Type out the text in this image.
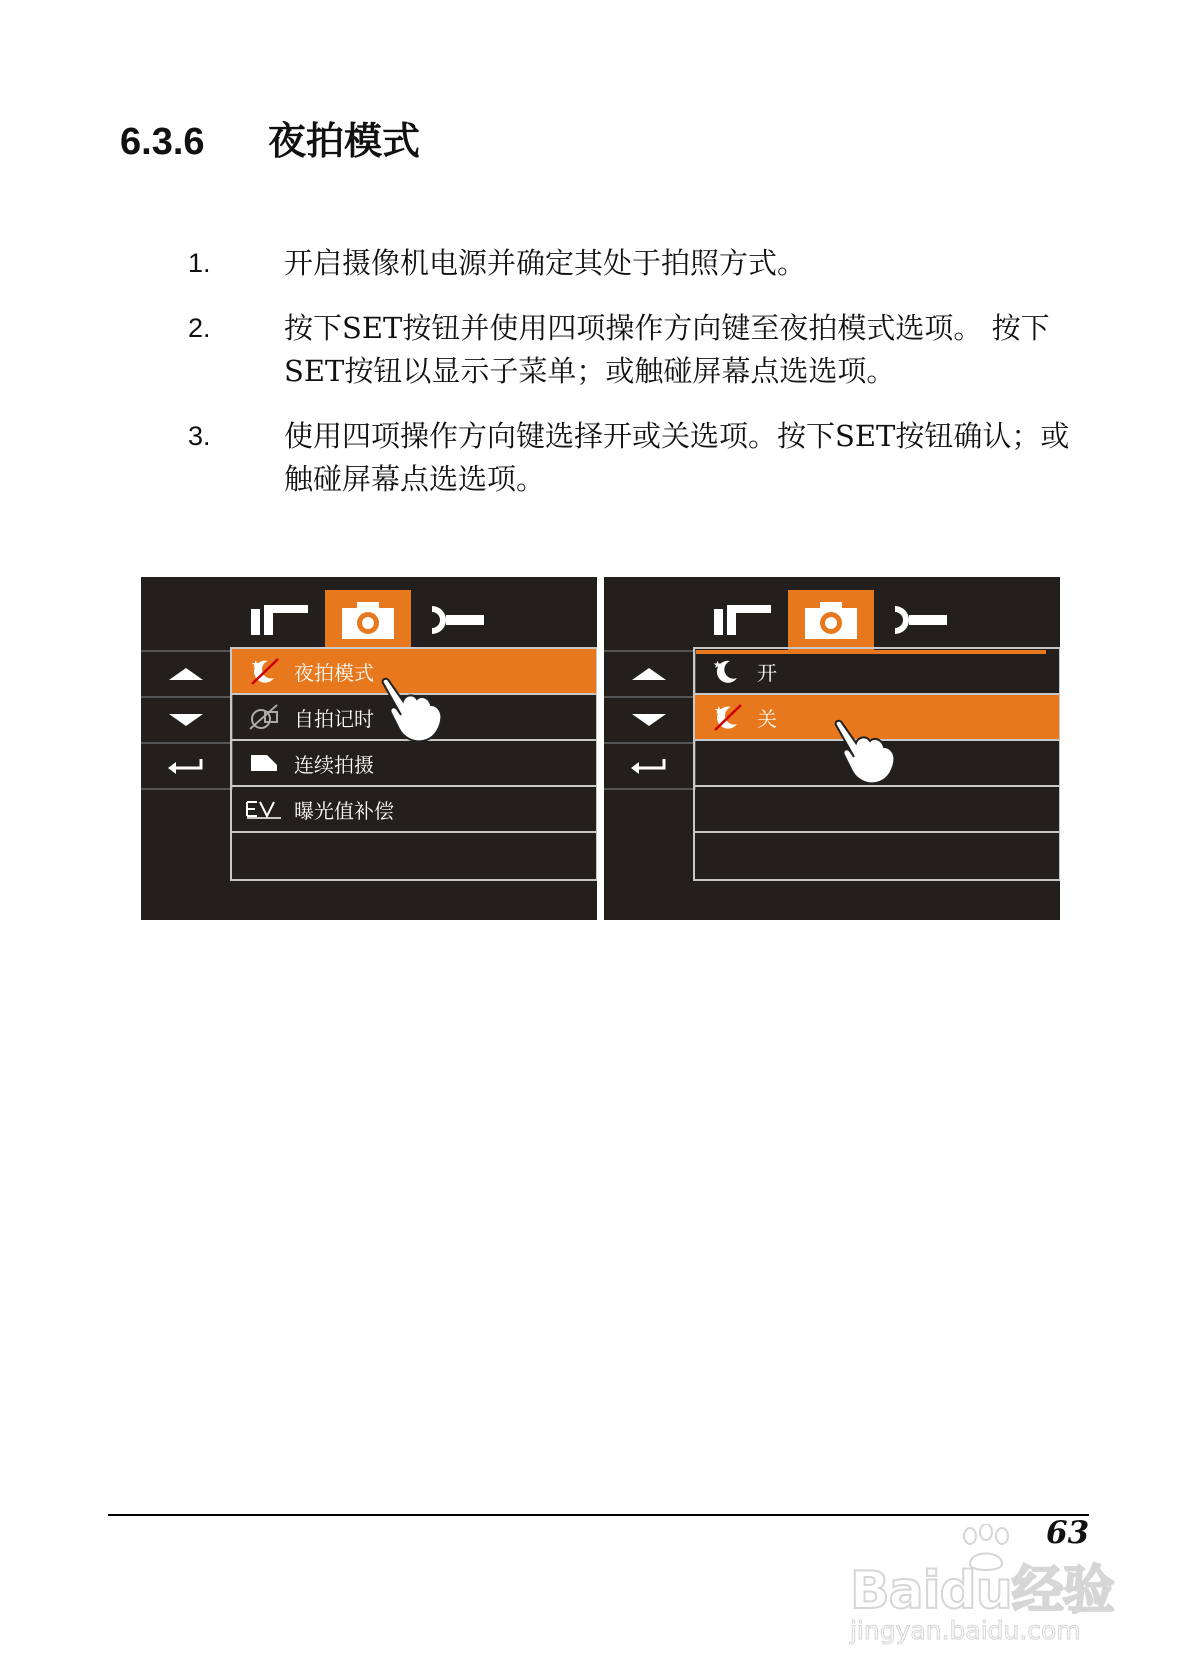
6.3.6 夜拍模式
1.	开启摄像机电源并确定其处于拍照方式。
2.	按下SET按钮并使用四项操作方向键至夜拍模式选项。 按下SET按钮以显示子菜单；或触碰屏幕点选选项。
3.	使用四项操作方向键选择开或关选项。按下SET按钮确认；或触碰屏幕点选选项。
★ 夜拍模式
自拍记时
连续拍摄
曝光值补偿
★ 开
★ 关
63
Baidu经验
jingyan.baidu.com
